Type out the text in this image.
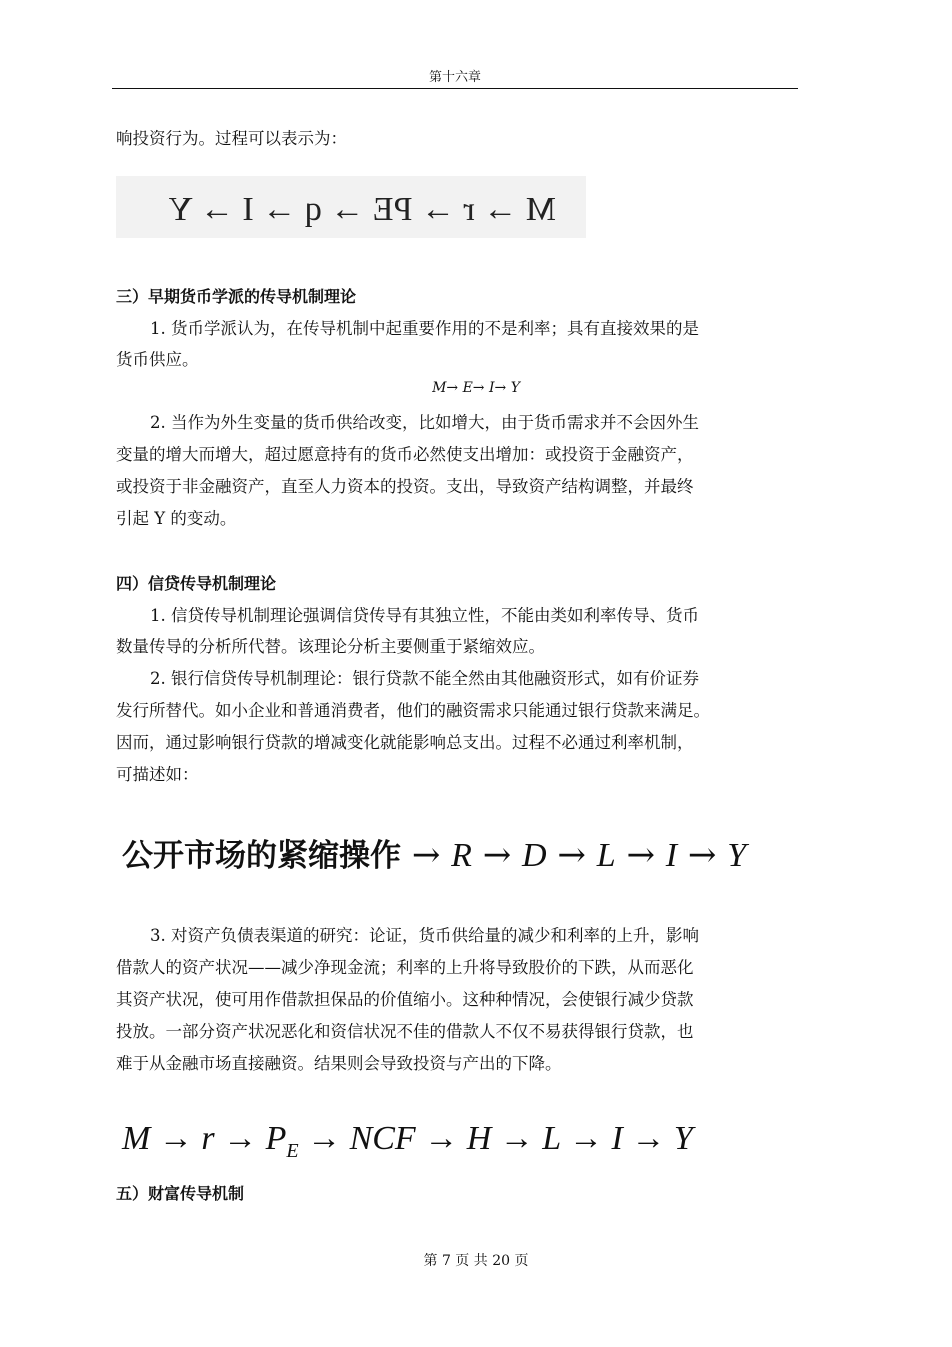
第十六章
响投资行为。过程可以表示为：
M → r → PE → q → I → Y
三）早期货币学派的传导机制理论
1. 货币学派认为，在传导机制中起重要作用的不是利率；具有直接效果的是
货币供应。
M→ E→ I→ Y
2. 当作为外生变量的货币供给改变，比如增大，由于货币需求并不会因外生
变量的增大而增大，超过愿意持有的货币必然使支出增加：或投资于金融资产，
或投资于非金融资产，直至人力资本的投资。支出，导致资产结构调整，并最终
引起 Y 的变动。
四）信贷传导机制理论
1. 信贷传导机制理论强调信贷传导有其独立性，不能由类如利率传导、货币
数量传导的分析所代替。该理论分析主要侧重于紧缩效应。
2. 银行信贷传导机制理论：银行贷款不能全然由其他融资形式，如有价证券
发行所替代。如小企业和普通消费者，他们的融资需求只能通过银行贷款来满足。
因而，通过影响银行贷款的增减变化就能影响总支出。过程不必通过利率机制，
可描述如：
公开市场的紧缩操作 → R → D → L → I → Y
3. 对资产负债表渠道的研究：论证，货币供给量的减少和利率的上升，影响
借款人的资产状况——减少净现金流；利率的上升将导致股价的下跌，从而恶化
其资产状况，使可用作借款担保品的价值缩小。这种种情况，会使银行减少贷款
投放。一部分资产状况恶化和资信状况不佳的借款人不仅不易获得银行贷款，也
难于从金融市场直接融资。结果则会导致投资与产出的下降。
$M \to r \to P_E$ → NCF → H → L → I → Y
五）财富传导机制
第 7 页 共 20 页
